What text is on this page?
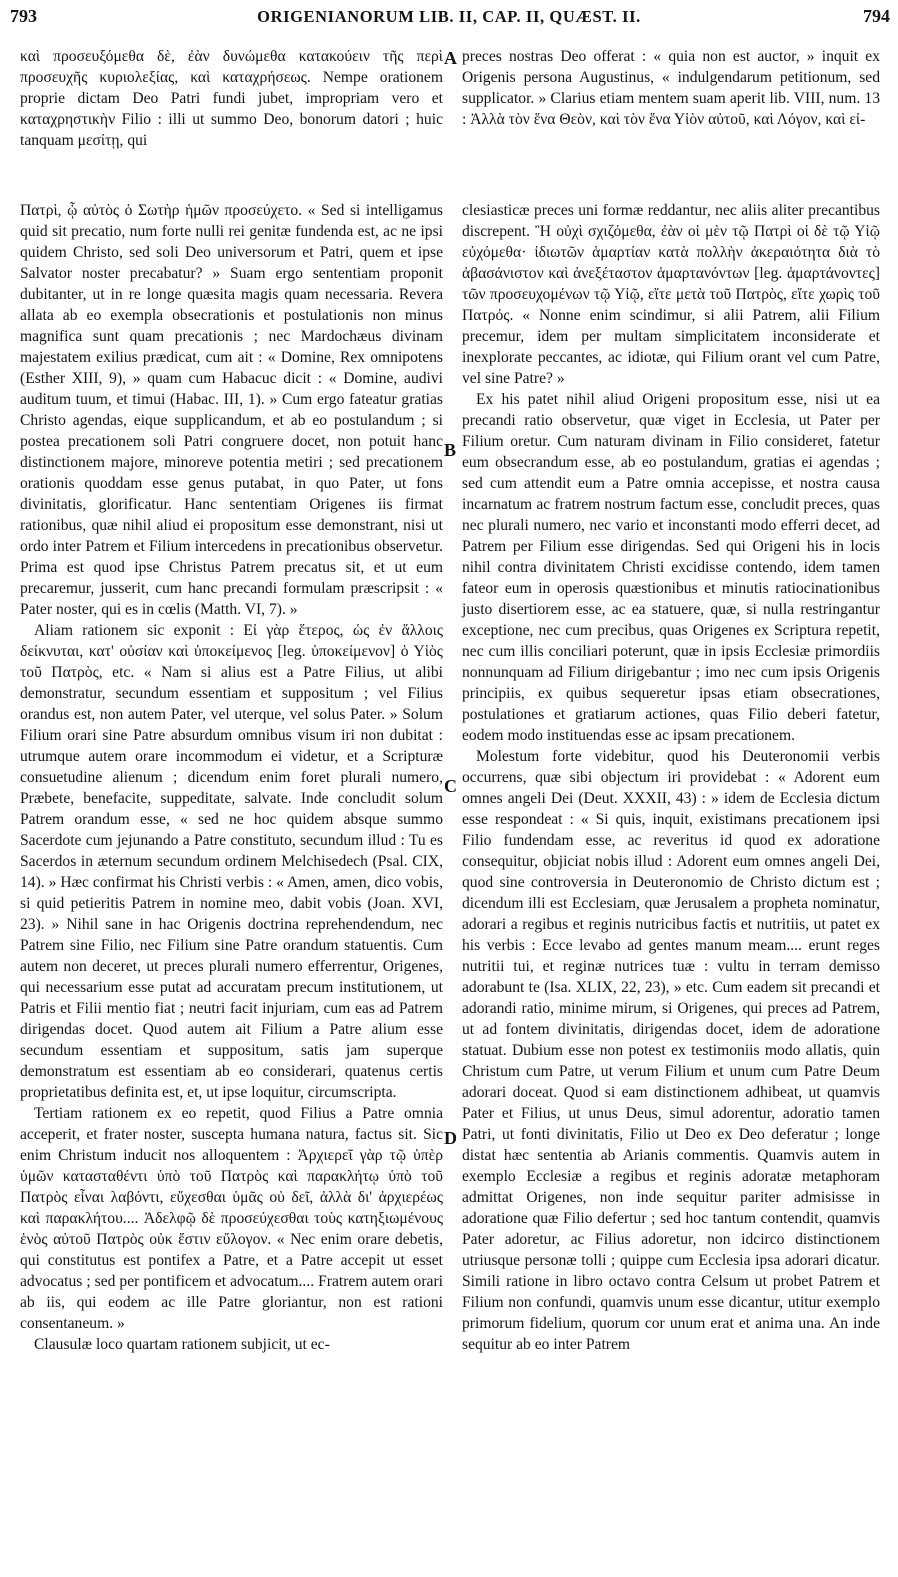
793	ORIGENIANORUM LIB. II, CAP. II, QUÆST. II.	794

καὶ προσευξόμεθα δὲ, ἐὰν δυνώμεθα κατακούειν τῆς περὶ προσευχῆς κυριολεξίας, καὶ καταχρήσεως. Nempe orationem proprie dictam Deo Patri fundi jubet, impropriam vero et καταχρηστικὴν Filio : illi ut summo Deo, bonorum datori ; huic tanquam μεσίτῃ, qui

preces nostras Deo offerat : « quia non est auctor, » inquit ex Origenis persona Augustinus, « indulgendarum petitionum, sed supplicator. » Clarius etiam mentem suam aperit lib. VIII, num. 13 : Ἀλλὰ τὸν ἕνα Θεὸν, καὶ τὸν ἕνα Υἱὸν αὐτοῦ, καὶ Λόγον, καὶ εἰ-

Πατρὶ, ᾧ αὐτὸς ὁ Σωτὴρ ἡμῶν προσεύχετο. « Sed si intelligamus quid sit precatio, num forte nulli rei genitæ fundenda est, ac ne ipsi quidem Christo, sed soli Deo universorum et Patri, quem et ipse Salvator noster precabatur? » Suam ergo sententiam proponit dubitanter, ut in re longe quæsita magis quam necessaria. Revera allata ab eo exempla obsecrationis et postulationis non minus magnifica sunt quam precationis ; nec Mardochæus divinam majestatem exilius prædicat, cum ait : « Domine, Rex omnipotens (Esther XIII, 9), » quam cum Habacuc dicit : « Domine, audivi auditum tuum, et timui (Habac. III, 1). » Cum ergo fateatur gratias Christo agendas, eique supplicandum, et ab eo postulandum ; si postea precationem soli Patri congruere docet, non potuit hanc distinctionem majore, minoreve potentia metiri ; sed precationem orationis quoddam esse genus putabat, in quo Pater, ut fons divinitatis, glorificatur. Hanc sententiam Origenes iis firmat rationibus, quæ nihil aliud ei propositum esse demonstrant, nisi ut ordo inter Patrem et Filium intercedens in precationibus observetur. Prima est quod ipse Christus Patrem precatus sit, et ut eum precaremur, jusserit, cum hanc precandi formulam præscripsit : « Pater noster, qui es in cœlis (Matth. VI, 7). »

Aliam rationem sic exponit : Εἰ γὰρ ἕτερος, ὡς ἐν ἄλλοις δείκνυται, κατ' οὐσίαν καὶ ὑποκείμενος [leg. ὑποκείμενον] ὁ Υἱὸς τοῦ Πατρὸς, etc. « Nam si alius est a Patre Filius, ut alibi demonstratur, secundum essentiam et suppositum ; vel Filius orandus est, non autem Pater, vel uterque, vel solus Pater. » Solum Filium orari sine Patre absurdum omnibus visum iri non dubitat : utrumque autem orare incommodum ei videtur, et a Scripturæ consuetudine alienum ; dicendum enim foret plurali numero, Præbete, benefacite, suppeditate, salvate. Inde concludit solum Patrem orandum esse, « sed ne hoc quidem absque summo Sacerdote cum jejunando a Patre constituto, secundum illud : Tu es Sacerdos in æternum secundum ordinem Melchisedech (Psal. CIX, 14). » Hæc confirmat his Christi verbis : « Amen, amen, dico vobis, si quid petieritis Patrem in nomine meo, dabit vobis (Joan. XVI, 23). » Nihil sane in hac Origenis doctrina reprehendendum, nec Patrem sine Filio, nec Filium sine Patre orandum statuentis. Cum autem non deceret, ut preces plurali numero efferrentur, Origenes, qui necessarium esse putat ad accuratam precum institutionem, ut Patris et Filii mentio fiat ; neutri facit injuriam, cum eas ad Patrem dirigendas docet. Quod autem ait Filium a Patre alium esse secundum essentiam et suppositum, satis jam superque demonstratum est essentiam ab eo considerari, quatenus certis proprietatibus definita est, et, ut ipse loquitur, circumscripta.

Tertiam rationem ex eo repetit, quod Filius a Patre omnia acceperit, et frater noster, suscepta humana natura, factus sit. Sic enim Christum inducit nos alloquentem : Ἀρχιερεῖ γὰρ τῷ ὑπὲρ ὑμῶν κατασταθέντι ὑπὸ τοῦ Πατρὸς καὶ παρακλήτῳ ὑπὸ τοῦ Πατρὸς εἶναι λαβόντι, εὔχεσθαι ὑμᾶς οὐ δεῖ, ἀλλὰ δι' ἀρχιερέως καὶ παρακλήτου.... Ἀδελφῷ δὲ προσεύχεσθαι τοὺς κατηξιωμένους ἑνὸς αὐτοῦ Πατρὸς οὐκ ἔστιν εὔλογον. « Nec enim orare debetis, qui constitutus est pontifex a Patre, et a Patre accepit ut esset advocatus ; sed per pontificem et advocatum.... Fratrem autem orari ab iis, qui eodem ac ille Patre gloriantur, non est rationi consentaneum. »

Clausulæ loco quartam rationem subjicit, ut ec-

clesiasticæ preces uni formæ reddantur, nec aliis aliter precantibus discrepent. Ἢ οὐχὶ σχιζόμεθα, ἐὰν οἱ μὲν τῷ Πατρὶ οἱ δὲ τῷ Υἱῷ εὐχόμεθα· ἰδιωτῶν ἁμαρτίαν κατὰ πολλὴν ἀκεραιότητα διὰ τὸ ἀβασάνιστον καὶ ἀνεξέταστον ἁμαρτανόντων [leg. ἁμαρτάνοντες] τῶν προσευχομένων τῷ Υἱῷ, εἴτε μετὰ τοῦ Πατρὸς, εἴτε χωρὶς τοῦ Πατρός. « Nonne enim scindimur, si alii Patrem, alii Filium precemur, idem per multam simplicitatem inconsiderate et inexplorate peccantes, ac idiotæ, qui Filium orant vel cum Patre, vel sine Patre? »

Ex his patet nihil aliud Origeni propositum esse, nisi ut ea precandi ratio observetur, quæ viget in Ecclesia, ut Pater per Filium oretur. Cum naturam divinam in Filio consideret, fatetur eum obsecrandum esse, ab eo postulandum, gratias ei agendas ; sed cum attendit eum a Patre omnia accepisse, et nostra causa incarnatum ac fratrem nostrum factum esse, concludit preces, quas nec plurali numero, nec vario et inconstanti modo efferri decet, ad Patrem per Filium esse dirigendas. Sed qui Origeni his in locis nihil contra divinitatem Christi excidisse contendo, idem tamen fateor eum in operosis quæstionibus et minutis ratiocinationibus justo disertiorem esse, ac ea statuere, quæ, si nulla restringantur exceptione, nec cum precibus, quas Origenes ex Scriptura repetit, nec cum illis conciliari poterunt, quæ in ipsis Ecclesiæ primordiis nonnunquam ad Filium dirigebantur ; imo nec cum ipsis Origenis principiis, ex quibus sequeretur ipsas etiam obsecrationes, postulationes et gratiarum actiones, quas Filio deberi fatetur, eodem modo instituendas esse ac ipsam precationem.

Molestum forte videbitur, quod his Deuteronomii verbis occurrens, quæ sibi objectum iri providebat : « Adorent eum omnes angeli Dei (Deut. XXXII, 43) : » idem de Ecclesia dictum esse respondeat : « Si quis, inquit, existimans precationem ipsi Filio fundendam esse, ac reveritus id quod ex adoratione consequitur, objiciat nobis illud : Adorent eum omnes angeli Dei, quod sine controversia in Deuteronomio de Christo dictum est ; dicendum illi est Ecclesiam, quæ Jerusalem a propheta nominatur, adorari a regibus et reginis nutricibus factis et nutritiis, ut patet ex his verbis : Ecce levabo ad gentes manum meam.... erunt reges nutritii tui, et reginæ nutrices tuæ : vultu in terram demisso adorabunt te (Isa. XLIX, 22, 23), » etc. Cum eadem sit precandi et adorandi ratio, minime mirum, si Origenes, qui preces ad Patrem, ut ad fontem divinitatis, dirigendas docet, idem de adoratione statuat. Dubium esse non potest ex testimoniis modo allatis, quin Christum cum Patre, ut verum Filium et unum cum Patre Deum adorari doceat. Quod si eam distinctionem adhibeat, ut quamvis Pater et Filius, ut unus Deus, simul adorentur, adoratio tamen Patri, ut fonti divinitatis, Filio ut Deo ex Deo deferatur ; longe distat hæc sententia ab Arianis commentis. Quamvis autem in exemplo Ecclesiæ a regibus et reginis adoratæ metaphoram admittat Origenes, non inde sequitur pariter admisisse in adoratione quæ Filio defertur ; sed hoc tantum contendit, quamvis Pater adoretur, ac Filius adoretur, non idcirco distinctionem utriusque personæ tolli ; quippe cum Ecclesia ipsa adorari dicatur. Simili ratione in libro octavo contra Celsum ut probet Patrem et Filium non confundi, quamvis unum esse dicantur, utitur exemplo primorum fidelium, quorum cor unum erat et anima una. An inde sequitur ab eo inter Patrem

A
B
C
D
